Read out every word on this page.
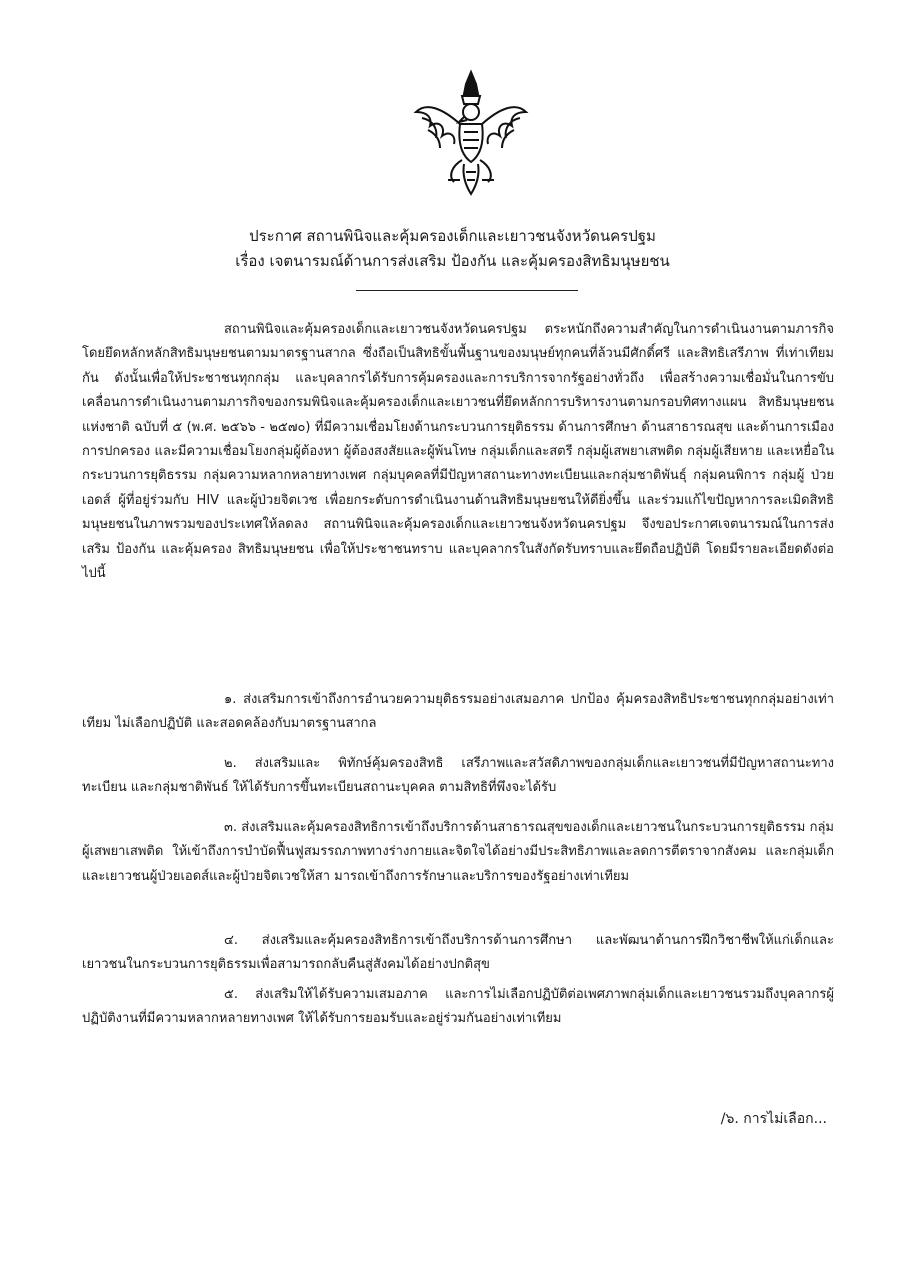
ประกาศ สถานพินิจและคุ้มครองเด็กและเยาวชนจังหวัดนครปฐม
เรื่อง เจตนารมณ์ด้านการส่งเสริม ป้องกัน และคุ้มครองสิทธิมนุษยชน

สถานพินิจและคุ้มครองเด็กและเยาวชนจังหวัดนครปฐม ตระหนักถึงความสำคัญในการดำเนินงานตามภารกิจโดยยึดหลักหลักสิทธิมนุษยชนตามมาตรฐานสากล ซึ่งถือเป็นสิทธิขั้นพื้นฐานของมนุษย์ทุกคนที่ล้วนมีศักดิ์ศรี และสิทธิเสรีภาพ ที่เท่าเทียมกัน ดังนั้นเพื่อให้ประชาชนทุกกลุ่ม และบุคลากรได้รับการคุ้มครองและการบริการจากรัฐอย่างทั่วถึง เพื่อสร้างความเชื่อมั่นในการขับเคลื่อนการดำเนินงานตามภารกิจของกรมพินิจและคุ้มครองเด็กและเยาวชนที่ยึดหลักการบริหารงานตามกรอบทิศทางแผน สิทธิมนุษยชนแห่งชาติ ฉบับที่ ๕ (พ.ศ. ๒๕๖๖ - ๒๕๗๐) ที่มีความเชื่อมโยงด้านกระบวนการยุติธรรม ด้านการศึกษา ด้านสาธารณสุข และด้านการเมืองการปกครอง และมีความเชื่อมโยงกลุ่มผู้ต้องหา ผู้ต้องสงสัยและผู้พ้นโทษ กลุ่มเด็กและสตรี กลุ่มผู้เสพยาเสพติด กลุ่มผู้เสียหาย และเหยื่อในกระบวนการยุติธรรม กลุ่มความหลากหลายทางเพศ กลุ่มบุคคลที่มีปัญหาสถานะทางทะเบียนและกลุ่มชาติพันธุ์ กลุ่มคนพิการ กลุ่มผู้ ป่วยเอดส์ ผู้ที่อยู่ร่วมกับ HIV และผู้ป่วยจิตเวช เพื่อยกระดับการดำเนินงานด้านสิทธิมนุษยชนให้ดียิ่งขึ้น และร่วมแก้ไขปัญหาการละเมิดสิทธิมนุษยชนในภาพรวมของประเทศให้ลดลง สถานพินิจและคุ้มครองเด็กและเยาวชนจังหวัดนครปฐม จึงขอประกาศเจตนารมณ์ในการส่งเสริม ป้องกัน และคุ้มครอง สิทธิมนุษยชน เพื่อให้ประชาชนทราบ และบุคลากรในสังกัดรับทราบและยึดถือปฏิบัติ โดยมีรายละเอียดดังต่อไปนี้

๑. ส่งเสริมการเข้าถึงการอำนวยความยุติธรรมอย่างเสมอภาค ปกป้อง คุ้มครองสิทธิประชาชนทุกกลุ่มอย่างเท่าเทียม ไม่เลือกปฏิบัติ และสอดคล้องกับมาตรฐานสากล

๒. ส่งเสริมและ พิทักษ์คุ้มครองสิทธิ เสรีภาพและสวัสดิภาพของกลุ่มเด็กและเยาวชนที่มีปัญหาสถานะทางทะเบียน และกลุ่มชาติพันธ์ ให้ได้รับการขึ้นทะเบียนสถานะบุคคล ตามสิทธิที่พึงจะได้รับ

๓. ส่งเสริมและคุ้มครองสิทธิการเข้าถึงบริการด้านสาธารณสุขของเด็กและเยาวชนในกระบวนการยุติธรรม กลุ่มผู้เสพยาเสพติด ให้เข้าถึงการบำบัดฟื้นฟูสมรรถภาพทางร่างกายและจิตใจได้อย่างมีประสิทธิภาพและลดการตีตราจากสังคม และกลุ่มเด็กและเยาวชนผู้ป่วยเอดส์และผู้ป่วยจิตเวชให้สา มารถเข้าถึงการรักษาและบริการของรัฐอย่างเท่าเทียม

๔. ส่งเสริมและคุ้มครองสิทธิการเข้าถึงบริการด้านการศึกษา และพัฒนาด้านการฝึกวิชาชีพให้แก่เด็กและเยาวชนในกระบวนการยุติธรรมเพื่อสามารถกลับคืนสู่สังคมได้อย่างปกติสุข

๕. ส่งเสริมให้ได้รับความเสมอภาค และการไม่เลือกปฏิบัติต่อเพศภาพกลุ่มเด็กและเยาวชนรวมถึงบุคลากรผู้ปฏิบัติงานที่มีความหลากหลายทางเพศ ให้ได้รับการยอมรับและอยู่ร่วมกันอย่างเท่าเทียม

/๖. การไม่เลือก...
